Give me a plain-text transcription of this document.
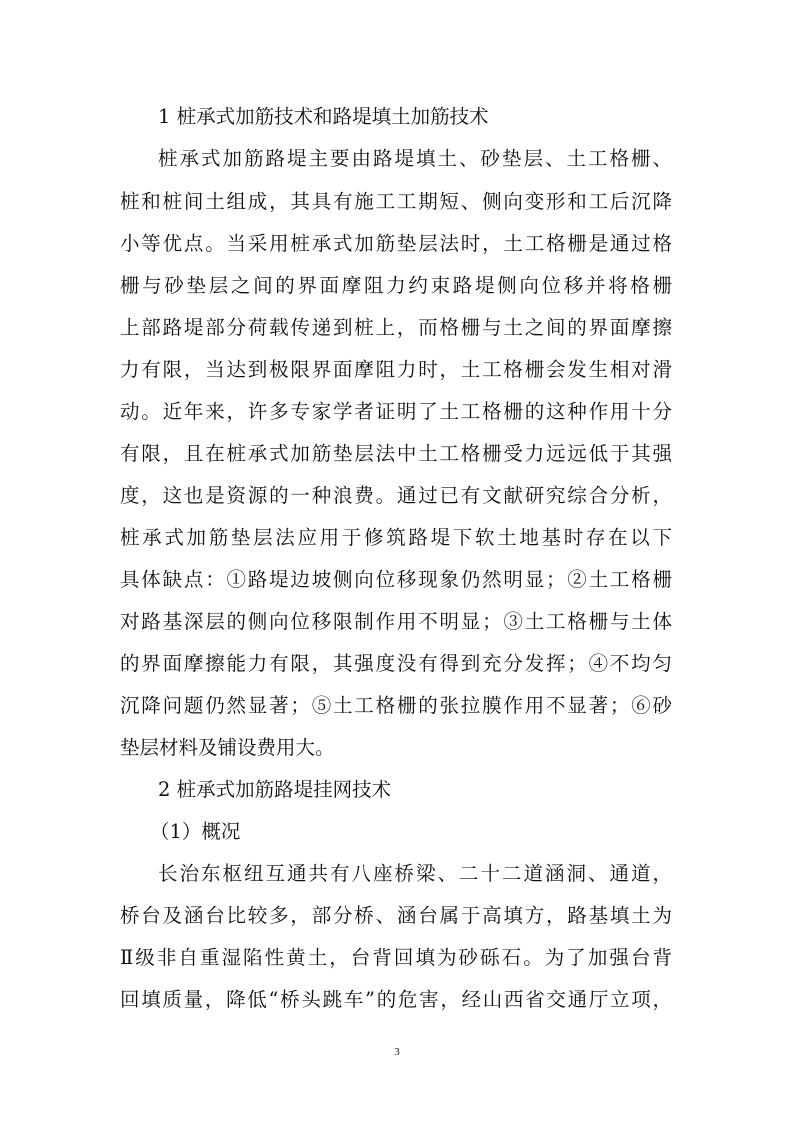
1 桩承式加筋技术和路堤填土加筋技术
桩承式加筋路堤主要由路堤填土、砂垫层、土工格栅、
桩和桩间土组成，其具有施工工期短、侧向变形和工后沉降
小等优点。当采用桩承式加筋垫层法时，土工格栅是通过格
栅与砂垫层之间的界面摩阻力约束路堤侧向位移并将格栅
上部路堤部分荷载传递到桩上，而格栅与土之间的界面摩擦
力有限，当达到极限界面摩阻力时，土工格栅会发生相对滑
动。近年来，许多专家学者证明了土工格栅的这种作用十分
有限，且在桩承式加筋垫层法中土工格栅受力远远低于其强
度，这也是资源的一种浪费。通过已有文献研究综合分析，
桩承式加筋垫层法应用于修筑路堤下软土地基时存在以下
具体缺点：①路堤边坡侧向位移现象仍然明显；②土工格栅
对路基深层的侧向位移限制作用不明显；③土工格栅与土体
的界面摩擦能力有限，其强度没有得到充分发挥；④不均匀
沉降问题仍然显著；⑤土工格栅的张拉膜作用不显著；⑥砂
垫层材料及铺设费用大。
2 桩承式加筋路堤挂网技术
（1）概况
长治东枢纽互通共有八座桥梁、二十二道涵洞、通道，
桥台及涵台比较多，部分桥、涵台属于高填方，路基填土为
Ⅱ级非自重湿陷性黄土，台背回填为砂砾石。为了加强台背
回填质量，降低“桥头跳车”的危害，经山西省交通厅立项，
3
